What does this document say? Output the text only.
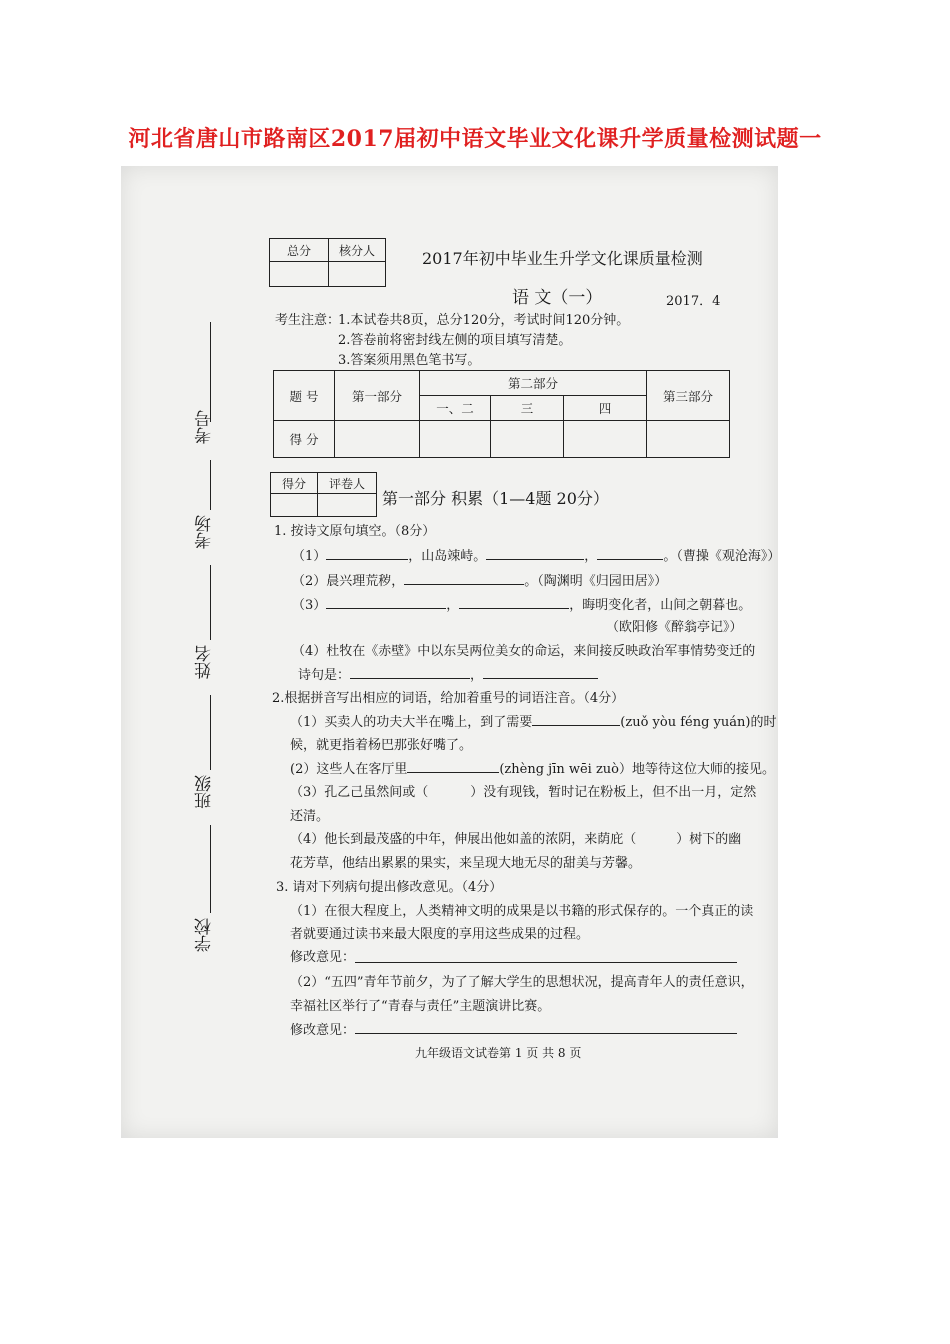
河北省唐山市路南区2017届初中语文毕业文化课升学质量检测试题一
考号
考场
姓名
班级
学校
总分	核分人
		2017年初中毕业生升学文化课质量检测
语 文（一）	2017．4
考生注意：
1.本试卷共8页，总分120分，考试时间120分钟。
2.答卷前将密封线左侧的项目填写清楚。
3.答案须用黑色笔书写。
题 号	第一部分	第二部分			第三部分
		一、二	三	四	
得 分					
得分	评卷人

第一部分 积累（1—4题 20分）
1. 按诗文原句填空。（8分）
（1）	，山岛竦峙。	，	。（曹操《观沧海》）
（2）晨兴理荒秽，	。（陶渊明《归园田居》）
（3）	，	，晦明变化者，山间之朝暮也。
（欧阳修《醉翁亭记》）
（4）杜牧在《赤壁》中以东吴两位美女的命运，来间接反映政治军事情势变迁的
诗句是：	，
2.根据拼音写出相应的词语，给加着重号的词语注音。（4分）
（1）买卖人的功夫大半在嘴上，到了需要	(zuǒ yòu féng yuán)的时
候，就更指着杨巴那张好嘴了。
(2）这些人在客厅里	(zhèng jīn wēi zuò）地等待这位大师的接见。
（3）孔乙己虽然间或（	）没有现钱，暂时记在粉板上，但不出一月，定然
还清。
（4）他长到最茂盛的中年，伸展出他如盖的浓阴，来荫庇（	）树下的幽
花芳草，他结出累累的果实，来呈现大地无尽的甜美与芳馨。
3. 请对下列病句提出修改意见。（4分）
（1）在很大程度上，人类精神文明的成果是以书籍的形式保存的。一个真正的读
者就要通过读书来最大限度的享用这些成果的过程。
修改意见：
（2）“五四”青年节前夕，为了了解大学生的思想状况，提高青年人的责任意识，
幸福社区举行了“青春与责任”主题演讲比赛。
修改意见：
九年级语文试卷第 1 页 共 8 页
